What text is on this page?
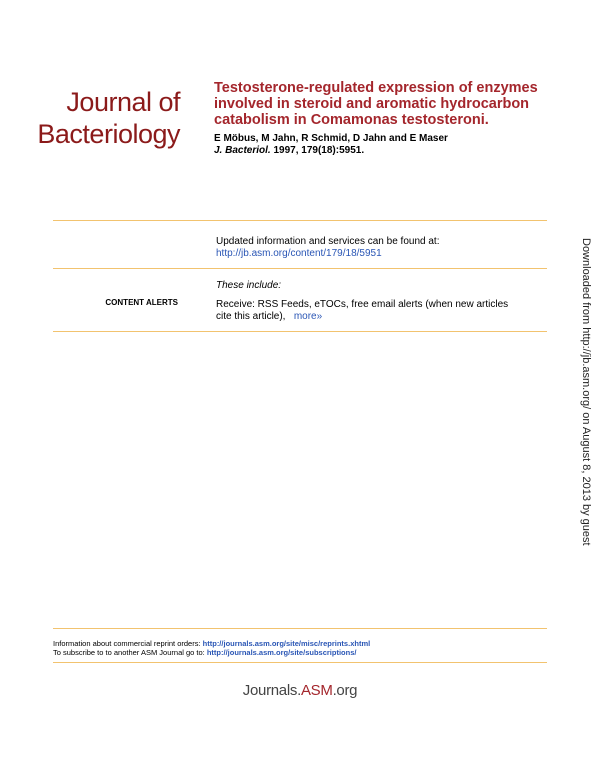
Journal of
Bacteriology
Testosterone-regulated expression of enzymes
involved in steroid and aromatic hydrocarbon
catabolism in Comamonas testosteroni.
E Möbus, M Jahn, R Schmid, D Jahn and E Maser
J. Bacteriol. 1997, 179(18):5951.
Updated information and services can be found at:
http://jb.asm.org/content/179/18/5951
These include:
CONTENT ALERTS	Receive: RSS Feeds, eTOCs, free email alerts (when new articles
cite this article), more»	Downloaded from http://jb.asm.org/ on August 8, 2013 by guest
Information about commercial reprint orders: http://journals.asm.org/site/misc/reprints.xhtml
To subscribe to to another ASM Journal go to: http://journals.asm.org/site/subscriptions/
Journals.ASM.org
